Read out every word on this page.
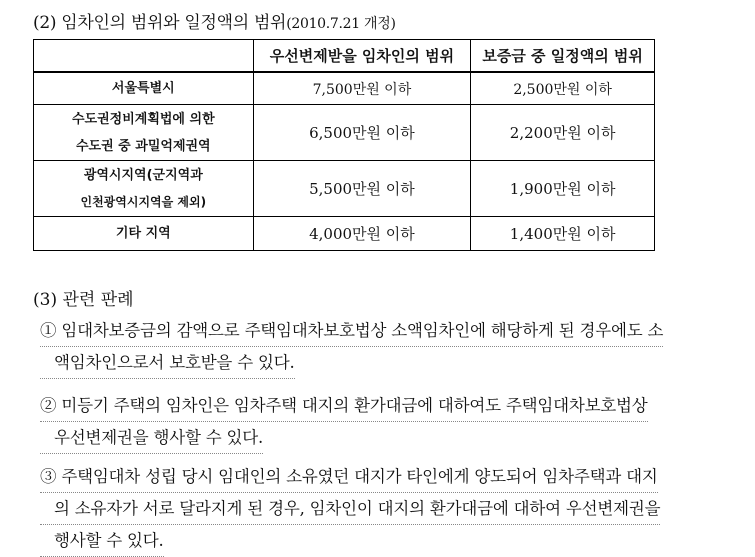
(2) 임차인의 범위와 일정액의 범위(2010.7.21 개정)
	우선변제받을 임차인의 범위	보증금 중 일정액의 범위
서울특별시	7,500만원 이하	2,500만원 이하

수도권정비계획법에 의한
수도권 중 과밀억제권역	6,500만원 이하	2,200만원 이하

광역시지역(군지역과
인천광역시지역을 제외)	5,500만원 이하	1,900만원 이하
기타 지역	4,000만원 이하	1,400만원 이하
(3) 관련 판례
① 임대차보증금의 감액으로 주택임대차보호법상 소액임차인에 해당하게 된 경우에도 소
액임차인으로서 보호받을 수 있다.
② 미등기 주택의 임차인은 임차주택 대지의 환가대금에 대하여도 주택임대차보호법상
우선변제권을 행사할 수 있다.
③ 주택임대차 성립 당시 임대인의 소유였던 대지가 타인에게 양도되어 임차주택과 대지
의 소유자가 서로 달라지게 된 경우, 임차인이 대지의 환가대금에 대하여 우선변제권을
행사할 수 있다.
